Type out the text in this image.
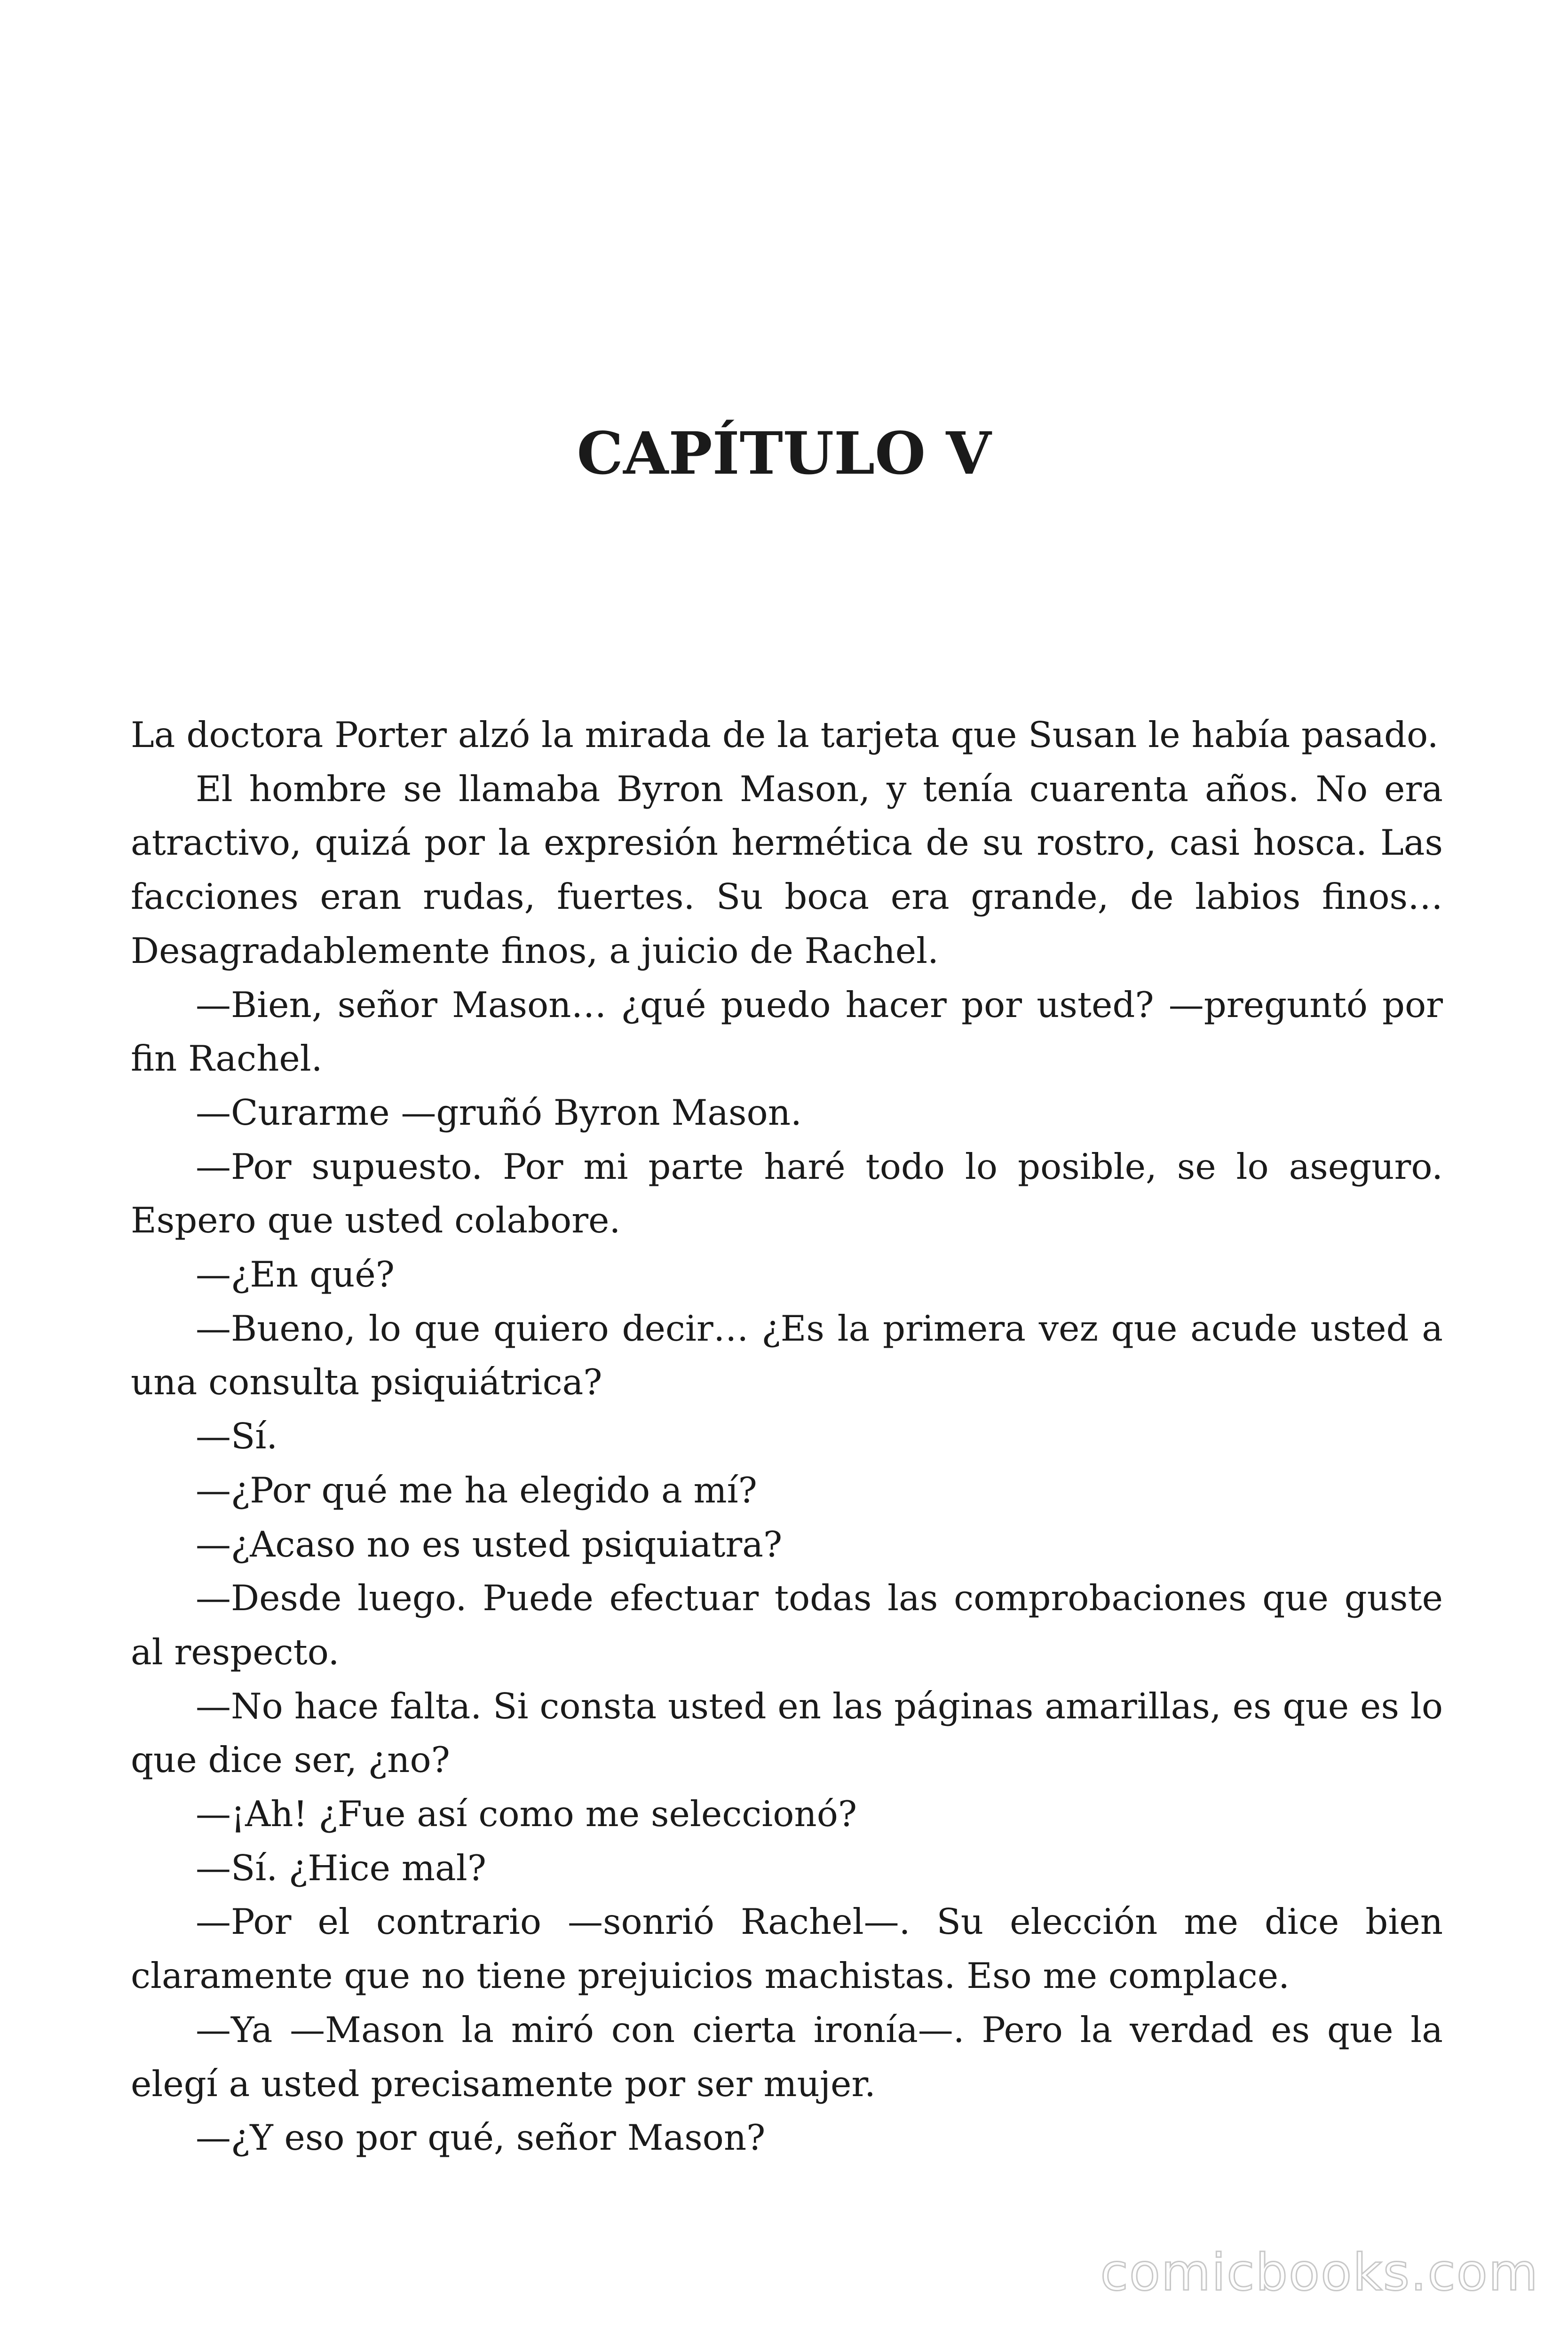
CAPÍTULO V

La doctora Porter alzó la mirada de la tarjeta que Susan le había pasado.

El hombre se llamaba Byron Mason, y tenía cuarenta años. No era atractivo, quizá por la expresión hermética de su rostro, casi hosca. Las facciones eran rudas, fuertes. Su boca era grande, de labios finos… Desagradablemente finos, a juicio de Rachel.

—Bien, señor Mason… ¿qué puedo hacer por usted? —preguntó por fin Rachel.

—Curarme —gruñó Byron Mason.

—Por supuesto. Por mi parte haré todo lo posible, se lo aseguro. Espero que usted colabore.

—¿En qué?

—Bueno, lo que quiero decir… ¿Es la primera vez que acude usted a una consulta psiquiátrica?

—Sí.

—¿Por qué me ha elegido a mí?

—¿Acaso no es usted psiquiatra?

—Desde luego. Puede efectuar todas las comprobaciones que guste al respecto.

—No hace falta. Si consta usted en las páginas amarillas, es que es lo que dice ser, ¿no?

—¡Ah! ¿Fue así como me seleccionó?

—Sí. ¿Hice mal?

—Por el contrario —sonrió Rachel—. Su elección me dice bien claramente que no tiene prejuicios machistas. Eso me complace.

—Ya —Mason la miró con cierta ironía—. Pero la verdad es que la elegí a usted precisamente por ser mujer.

—¿Y eso por qué, señor Mason?

comicbooks.com
